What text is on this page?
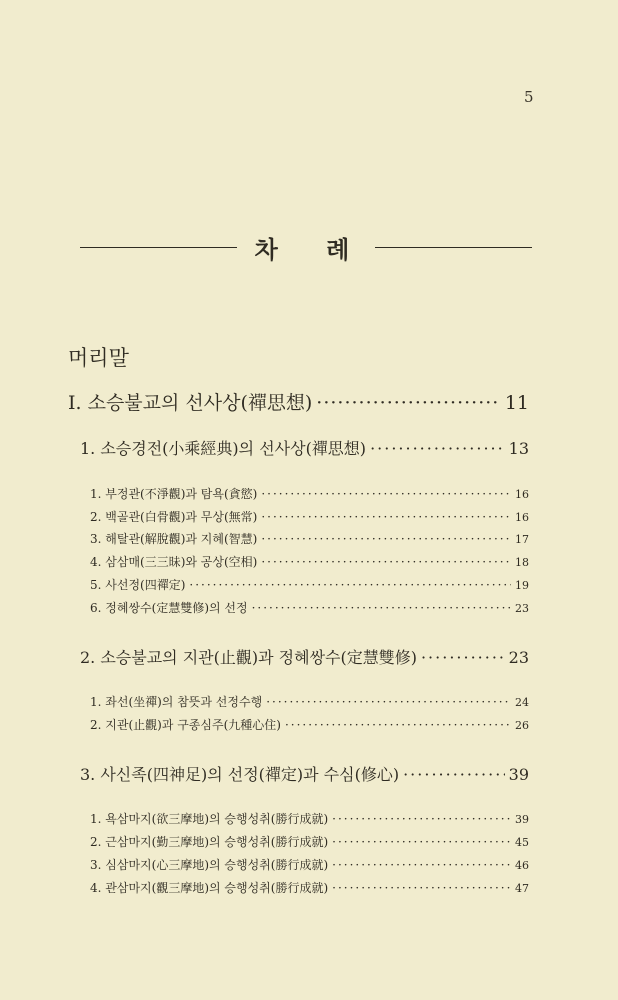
5
차 례
머리말
Ⅰ. 소승불교의 선사상(禪思想) ·····	11
1. 소승경전(小乘經典)의 선사상(禪思想) ·····	13
1. 부정관(不淨觀)과 탐욕(貪慾) ·····	16
2. 백골관(白骨觀)과 무상(無常) ·····	16
3. 해탈관(解脫觀)과 지혜(智慧) ·····	17
4. 삼삼매(三三昧)와 공상(空相) ·····	18
5. 사선정(四禪定) ·····	19
6. 정혜쌍수(定慧雙修)의 선정 ·····	23
2. 소승불교의 지관(止觀)과 정혜쌍수(定慧雙修) ·····	23
1. 좌선(坐禪)의 참뜻과 선정수행 ·····	24
2. 지관(止觀)과 구종심주(九種心住) ·····	26
3. 사신족(四神足)의 선정(禪定)과 수심(修心) ·····	39
1. 욕삼마지(欲三摩地)의 승행성취(勝行成就) ·····	39
2. 근삼마지(勤三摩地)의 승행성취(勝行成就) ·····	45
3. 심삼마지(心三摩地)의 승행성취(勝行成就) ·····	46
4. 관삼마지(觀三摩地)의 승행성취(勝行成就) ·····	47
